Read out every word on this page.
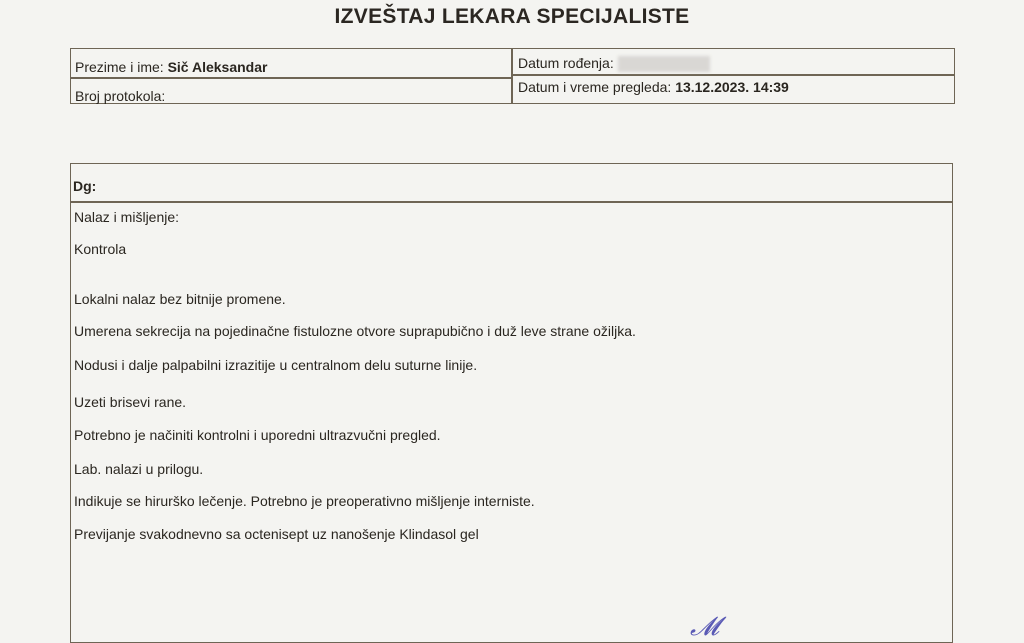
IZVEŠTAJ LEKARA SPECIJALISTE
Prezime i ime: Sič Aleksandar
Broj protokola:
Datum rođenja:
Datum i vreme pregleda: 13.12.2023. 14:39
Dg:
Nalaz i mišljenje:
Kontrola
Lokalni nalaz bez bitnije promene.
Umerena sekrecija na pojedinačne fistulozne otvore suprapubično i duž leve strane ožiljka.
Nodusi i dalje palpabilni izrazitije u centralnom delu suturne linije.
Uzeti brisevi rane.
Potrebno je načiniti kontrolni i uporedni ultrazvučni pregled.
Lab. nalazi u prilogu.
Indikuje se hirurško lečenje. Potrebno je preoperativno mišljenje interniste.
Previjanje svakodnevno sa octenisept uz nanošenje Klindasol gel
𝓜
